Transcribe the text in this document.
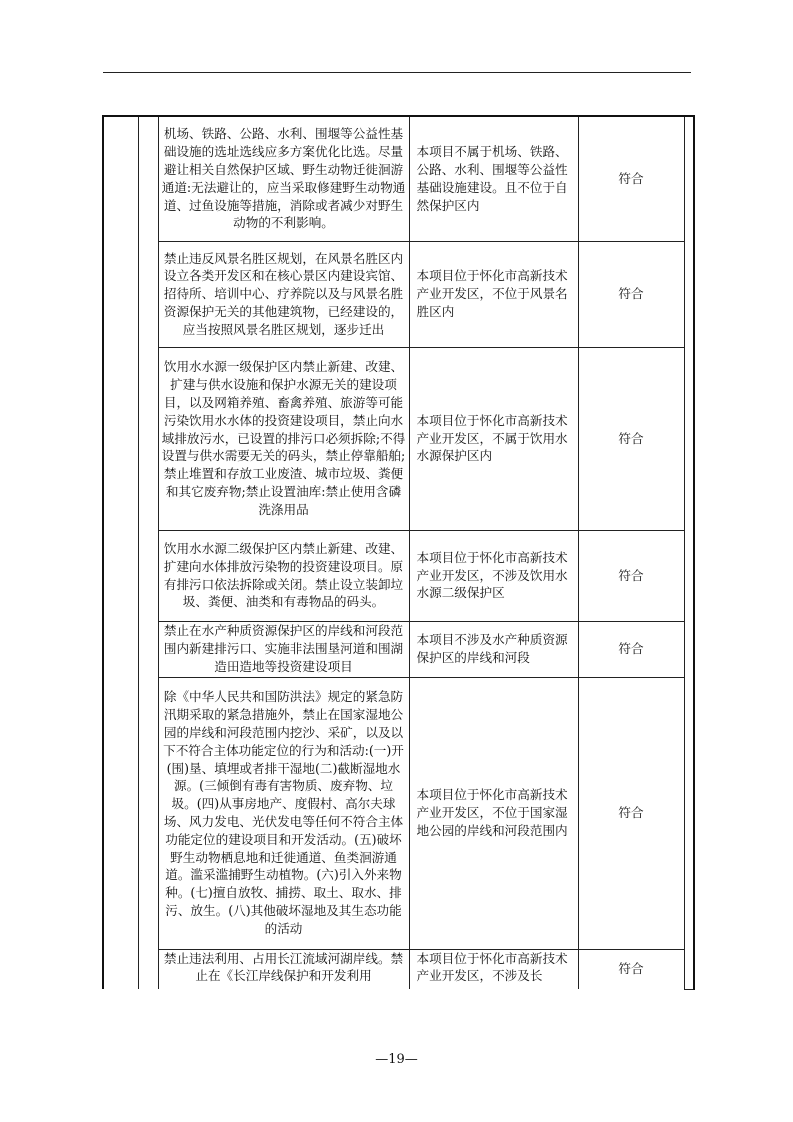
		机场、铁路、公路、水利、围堰等公益性基础设施的选址选线应多方案优化比选。尽量避让相关自然保护区域、野生动物迁徙洄游通道:无法避让的，应当采取修建野生动物通道、过鱼设施等措施，消除或者减少对野生动物的不利影响。	本项目不属于机场、铁路、公路、水利、围堰等公益性基础设施建设。且不位于自然保护区内	符合	
		禁止违反风景名胜区规划，在风景名胜区内设立各类开发区和在核心景区内建设宾馆、招待所、培训中心、疗养院以及与风景名胜资源保护无关的其他建筑物，已经建设的，应当按照风景名胜区规划，逐步迁出	本项目位于怀化市高新技术产业开发区，不位于风景名胜区内	符合	
		饮用水水源一级保护区内禁止新建、改建、扩建与供水设施和保护水源无关的建设项目，以及网箱养殖、畜禽养殖、旅游等可能污染饮用水水体的投资建设项目，禁止向水域排放污水，已设置的排污口必须拆除;不得设置与供水需要无关的码头，禁止停靠船舶;禁止堆置和存放工业废渣、城市垃圾、粪便和其它废弃物;禁止设置油库:禁止使用含磷洗涤用品	本项目位于怀化市高新技术产业开发区，不属于饮用水水源保护区内	符合	
		饮用水水源二级保护区内禁止新建、改建、扩建向水体排放污染物的投资建设项目。原有排污口依法拆除或关闭。禁止设立装卸垃圾、粪便、油类和有毒物品的码头。	本项目位于怀化市高新技术产业开发区，不涉及饮用水水源二级保护区	符合	
		禁止在水产种质资源保护区的岸线和河段范围内新建排污口、实施非法围垦河道和围湖造田造地等投资建设项目	本项目不涉及水产种质资源保护区的岸线和河段	符合	
		除《中华人民共和国防洪法》规定的紧急防汛期采取的紧急措施外，禁止在国家湿地公园的岸线和河段范围内挖沙、采矿，以及以下不符合主体功能定位的行为和活动:(一)开(围)垦、填埋或者排干湿地(二)截断湿地水源。(三倾倒有毒有害物质、废弃物、垃圾。(四)从事房地产、度假村、高尔夫球场、风力发电、光伏发电等任何不符合主体功能定位的建设项目和开发活动。(五)破坏野生动物栖息地和迁徙通道、鱼类洄游通道。滥采滥捕野生动植物。(六)引入外来物种。(七)擅自放牧、捕捞、取土、取水、排污、放生。(八)其他破坏湿地及其生态功能的活动	本项目位于怀化市高新技术产业开发区，不位于国家湿地公园的岸线和河段范围内	符合	
		禁止违法利用、占用长江流域河湖岸线。禁止在《长江岸线保护和开发利用	本项目位于怀化市高新技术产业开发区，不涉及长	符合	
—19—
